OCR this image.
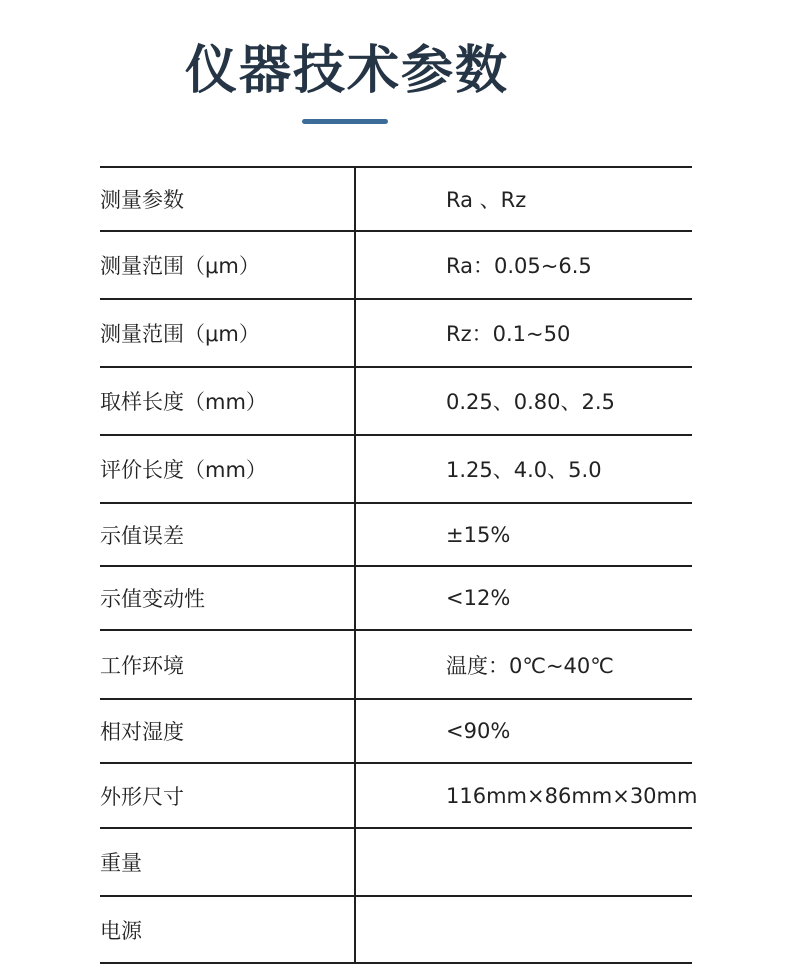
仪器技术参数
测量参数	Ra 、Rz
测量范围（μm）	Ra：0.05~6.5
测量范围（μm）	Rz：0.1~50
取样长度（mm）	0.25、0.80、2.5
评价长度（mm）	1.25、4.0、5.0
示值误差	±15%
示值变动性	<12%
工作环境	温度：0℃~40℃
相对湿度	<90%
外形尺寸	116mm×86mm×30mm
重量
电源
